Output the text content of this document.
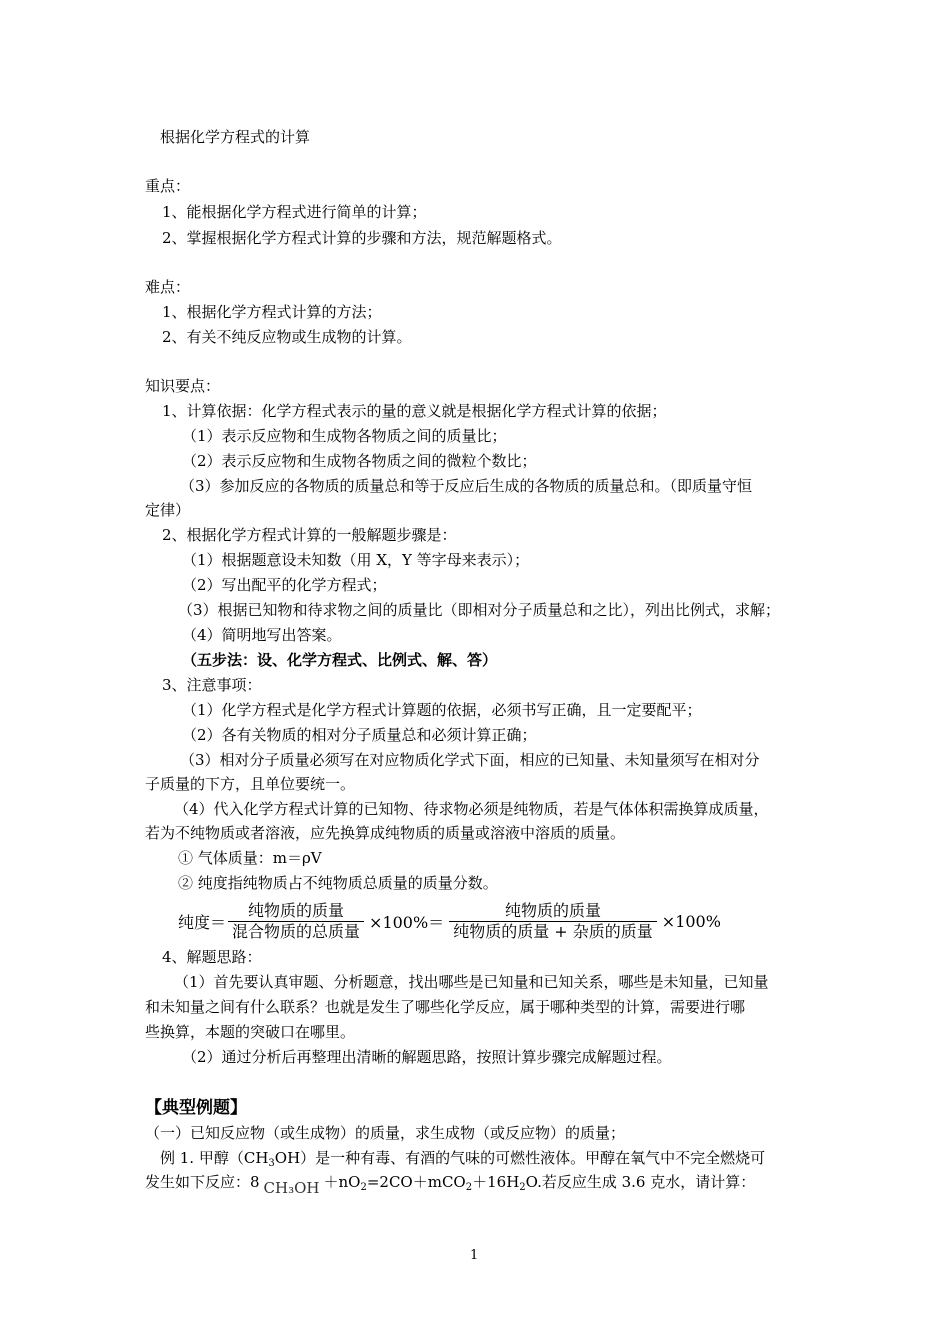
根据化学方程式的计算
重点：
1、能根据化学方程式进行简单的计算；
2、掌握根据化学方程式计算的步骤和方法，规范解题格式。
难点：
1、根据化学方程式计算的方法；
2、有关不纯反应物或生成物的计算。
知识要点：
1、计算依据：化学方程式表示的量的意义就是根据化学方程式计算的依据；
（1）表示反应物和生成物各物质之间的质量比；
（2）表示反应物和生成物各物质之间的微粒个数比；
（3）参加反应的各物质的质量总和等于反应后生成的各物质的质量总和。（即质量守恒
定律）
2、根据化学方程式计算的一般解题步骤是：
（1）根据题意设未知数（用 X，Y 等字母来表示）；
（2）写出配平的化学方程式；
（3）根据已知物和待求物之间的质量比（即相对分子质量总和之比），列出比例式，求解；
（4）简明地写出答案。
（五步法：设、化学方程式、比例式、解、答）
3、注意事项：
（1）化学方程式是化学方程式计算题的依据，必须书写正确，且一定要配平；
（2）各有关物质的相对分子质量总和必须计算正确；
（3）相对分子质量必须写在对应物质化学式下面，相应的已知量、未知量须写在相对分
子质量的下方，且单位要统一。
（4）代入化学方程式计算的已知物、待求物必须是纯物质，若是气体体积需换算成质量，
若为不纯物质或者溶液，应先换算成纯物质的质量或溶液中溶质的质量。
① 气体质量：m＝ρV
② 纯度指纯物质占不纯物质总质量的质量分数。
纯度＝ $\frac{\text{纯物质的质量}}{\text{混合物质的总质量}} \times 100\%= \frac{\text{纯物质的质量}}{\text{纯物质的质量 + 杂质的质量}} \times 100\%$
4、解题思路：
（1）首先要认真审题、分析题意，找出哪些是已知量和已知关系，哪些是未知量，已知量
和未知量之间有什么联系？也就是发生了哪些化学反应，属于哪种类型的计算，需要进行哪
些换算，本题的突破口在哪里。
（2）通过分析后再整理出清晰的解题思路，按照计算步骤完成解题过程。
【典型例题】
（一）已知反应物（或生成物）的质量，求生成物（或反应物）的质量；
例 1. 甲醇$(CH_3OH)$是一种有毒、有酒的气味的可燃性液体。甲醇在氧气中不完全燃烧可
发生如下反应：8 $CH_3OH +nO_2=2CO+mCO_2+16H_2O$.若反应生成 3.6 克水，请计算：
1
